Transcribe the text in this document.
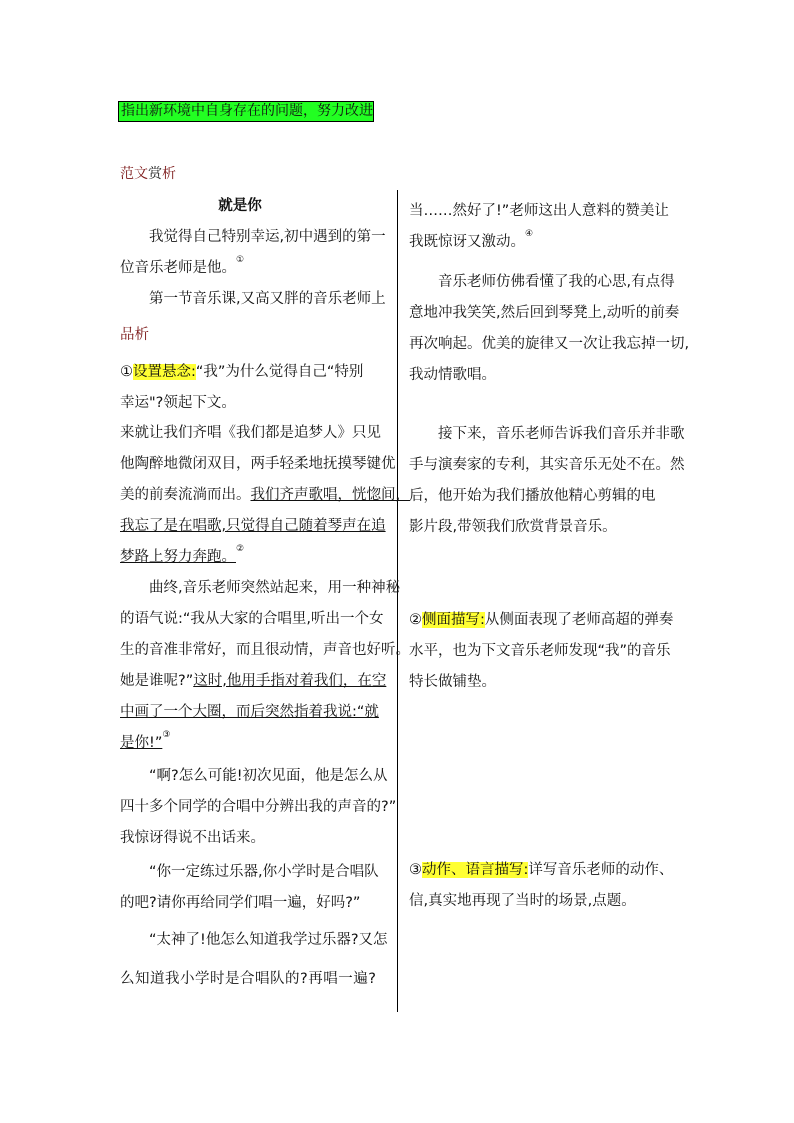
指出新环境中自身存在的问题，努力改进
范文赏析
就是你

我觉得自己特别幸运,初中遇到的第一

位音乐老师是他。①

第一节音乐课,又高又胖的音乐老师上

品析

①设置悬念:“我”为什么觉得自己“特别

幸运"?领起下文。

来就让我们齐唱《我们都是追梦人》只见

他陶醉地微闭双目，两手轻柔地抚摸琴键优

美的前奏流淌而出。我们齐声歌唱，恍惚间，

我忘了是在唱歌,只觉得自己随着琴声在追

梦路上努力奔跑。②

曲终,音乐老师突然站起来，用一种神秘

的语气说:“我从大家的合唱里,听出一个女

生的音准非常好，而且很动情，声音也好听。

她是谁呢?”这时,他用手指对着我们，在空

中画了一个大圈，而后突然指着我说:“就

是你!”③

“啊?怎么可能!初次见面，他是怎么从

四十多个同学的合唱中分辨出我的声音的?”

我惊讶得说不出话来。

“你一定练过乐器,你小学时是合唱队

的吧?请你再给同学们唱一遍，好吗?”

“太神了!他怎么知道我学过乐器?又怎

么知道我小学时是合唱队的?再唱一遍?

当……然好了!”老师这出人意料的赞美让

我既惊讶又激动。④

音乐老师仿佛看懂了我的心思,有点得

意地冲我笑笑,然后回到琴凳上,动听的前奏

再次响起。优美的旋律又一次让我忘掉一切,

我动情歌唱。

接下来，音乐老师告诉我们音乐并非歌

手与演奏家的专利，其实音乐无处不在。然

后，他开始为我们播放他精心剪辑的电

影片段,带领我们欣赏背景音乐。

②侧面描写:从侧面表现了老师高超的弹奏

水平，也为下文音乐老师发现“我”的音乐

特长做铺垫。

③动作、语言描写:详写音乐老师的动作、

信,真实地再现了当时的场景,点题。
